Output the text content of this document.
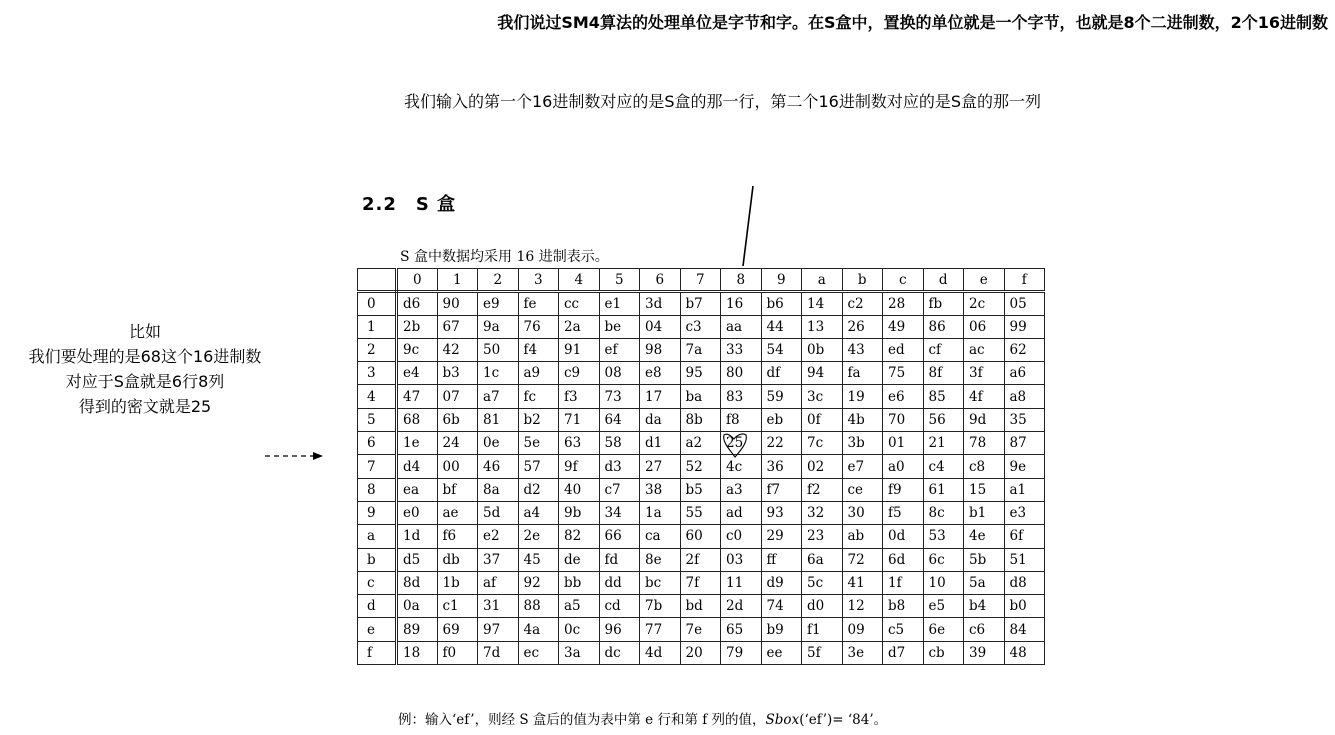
我们说过SM4算法的处理单位是字节和字。在S盒中，置换的单位就是一个字节，也就是8个二进制数，2个16进制数
我们输入的第一个16进制数对应的是S盒的那一行，第二个16进制数对应的是S盒的那一列
2.2　S 盒
S 盒中数据均采用 16 进制表示。
比如
我们要处理的是68这个16进制数
对应于S盒就是6行8列
得到的密文就是25
	0	1	2	3	4	5	6	7	8	9	a	b	c	d	e	f
0	d6	90	e9	fe	cc	e1	3d	b7	16	b6	14	c2	28	fb	2c	05
1	2b	67	9a	76	2a	be	04	c3	aa	44	13	26	49	86	06	99
2	9c	42	50	f4	91	ef	98	7a	33	54	0b	43	ed	cf	ac	62
3	e4	b3	1c	a9	c9	08	e8	95	80	df	94	fa	75	8f	3f	a6
4	47	07	a7	fc	f3	73	17	ba	83	59	3c	19	e6	85	4f	a8
5	68	6b	81	b2	71	64	da	8b	f8	eb	0f	4b	70	56	9d	35
6	1e	24	0e	5e	63	58	d1	a2	25	22	7c	3b	01	21	78	87
7	d4	00	46	57	9f	d3	27	52	4c	36	02	e7	a0	c4	c8	9e
8	ea	bf	8a	d2	40	c7	38	b5	a3	f7	f2	ce	f9	61	15	a1
9	e0	ae	5d	a4	9b	34	1a	55	ad	93	32	30	f5	8c	b1	e3
a	1d	f6	e2	2e	82	66	ca	60	c0	29	23	ab	0d	53	4e	6f
b	d5	db	37	45	de	fd	8e	2f	03	ff	6a	72	6d	6c	5b	51
c	8d	1b	af	92	bb	dd	bc	7f	11	d9	5c	41	1f	10	5a	d8
d	0a	c1	31	88	a5	cd	7b	bd	2d	74	d0	12	b8	e5	b4	b0
e	89	69	97	4a	0c	96	77	7e	65	b9	f1	09	c5	6e	c6	84
f	18	f0	7d	ec	3a	dc	4d	20	79	ee	5f	3e	d7	cb	39	48
例：输入‘ef’，则经 S 盒后的值为表中第 e 行和第 f 列的值，Sbox(‘ef’)= ‘84’。
